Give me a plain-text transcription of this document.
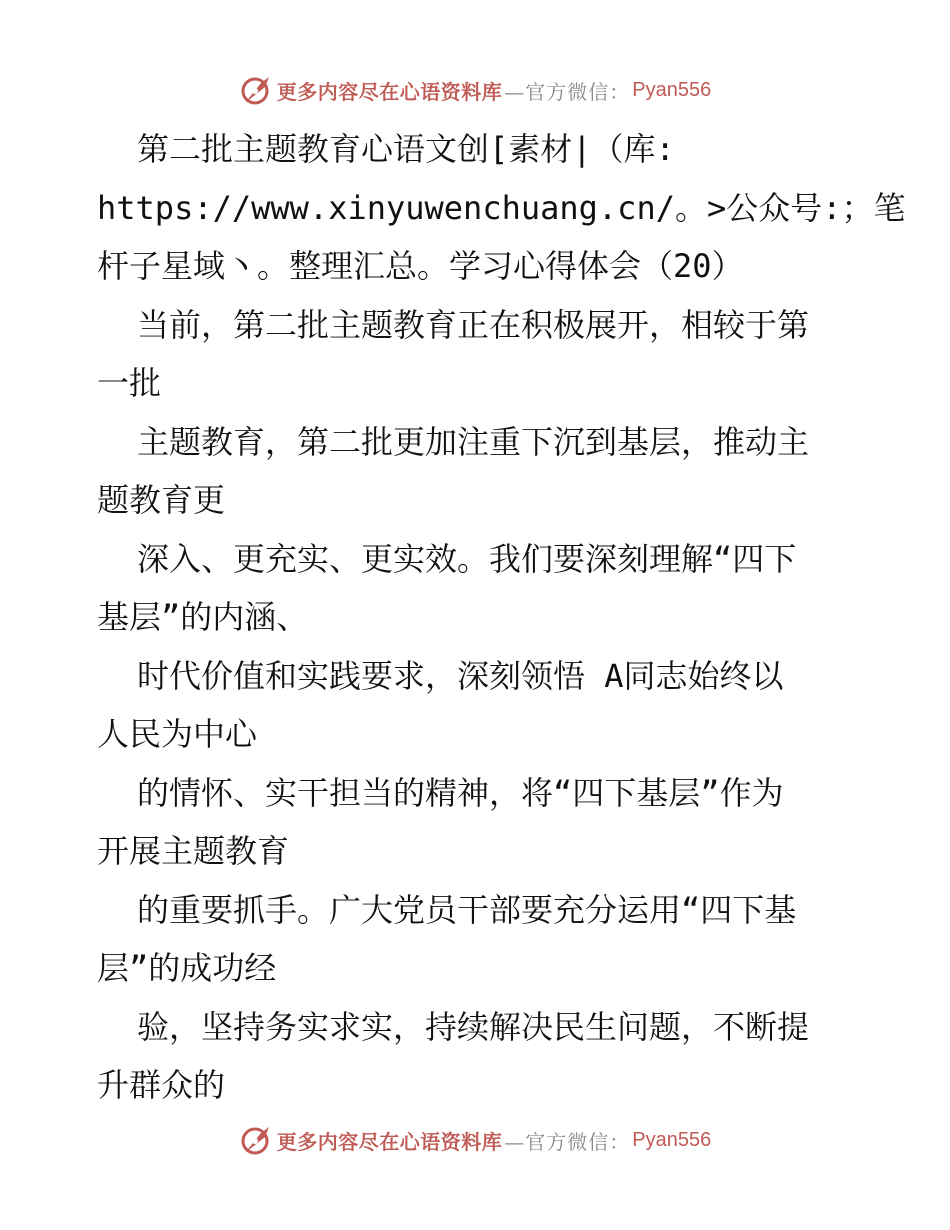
更多内容尽在心语资料库 —官方微信： Pyan556
第二批主题教育心语文创[素材|（库:
https://www.xinyuwenchuang.cn/。>公众号:；笔
杆子星域丶。整理汇总。学习心得体会（20）
当前，第二批主题教育正在积极展开，相较于第
一批
主题教育，第二批更加注重下沉到基层，推动主
题教育更
深入、更充实、更实效。我们要深刻理解“四下
基层”的内涵、
时代价值和实践要求，深刻领悟 A同志始终以
人民为中心
的情怀、实干担当的精神，将“四下基层”作为
开展主题教育
的重要抓手。广大党员干部要充分运用“四下基
层”的成功经
验，坚持务实求实，持续解决民生问题，不断提
升群众的
更多内容尽在心语资料库 —官方微信： Pyan556
